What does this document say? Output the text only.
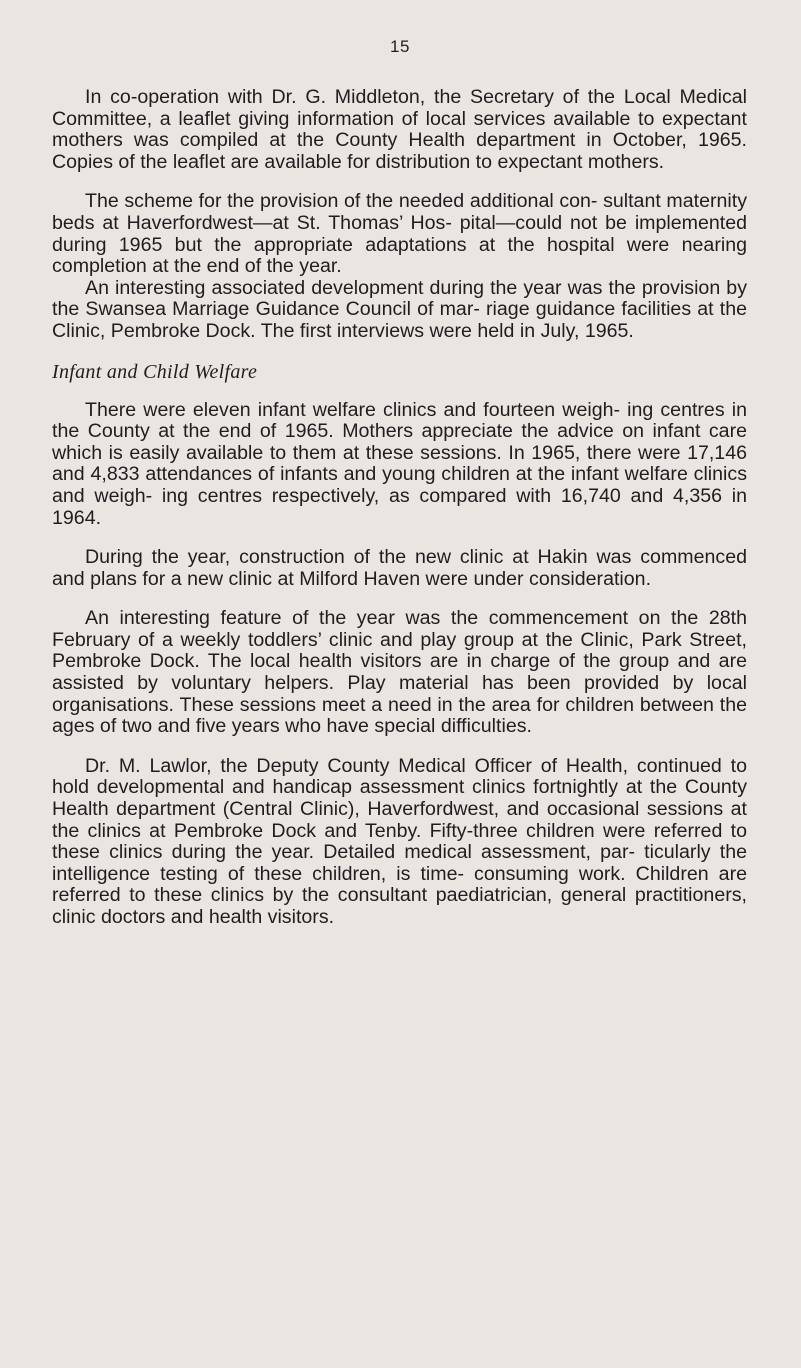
15

In co-operation with Dr. G. Middleton, the Secretary of the Local Medical Committee, a leaflet giving information of local services available to expectant mothers was compiled at the County Health department in October, 1965. Copies of the leaflet are available for distribution to expectant mothers.

The scheme for the provision of the needed additional con- sultant maternity beds at Haverfordwest—at St. Thomas’ Hos- pital—could not be implemented during 1965 but the appropriate adaptations at the hospital were nearing completion at the end of the year.

An interesting associated development during the year was the provision by the Swansea Marriage Guidance Council of mar- riage guidance facilities at the Clinic, Pembroke Dock. The first interviews were held in July, 1965.

Infant and Child Welfare

There were eleven infant welfare clinics and fourteen weigh- ing centres in the County at the end of 1965. Mothers appreciate the advice on infant care which is easily available to them at these sessions. In 1965, there were 17,146 and 4,833 attendances of infants and young children at the infant welfare clinics and weigh- ing centres respectively, as compared with 16,740 and 4,356 in 1964.

During the year, construction of the new clinic at Hakin was commenced and plans for a new clinic at Milford Haven were under consideration.

An interesting feature of the year was the commencement on the 28th February of a weekly toddlers’ clinic and play group at the Clinic, Park Street, Pembroke Dock. The local health visitors are in charge of the group and are assisted by voluntary helpers. Play material has been provided by local organisations. These sessions meet a need in the area for children between the ages of two and five years who have special difficulties.

Dr. M. Lawlor, the Deputy County Medical Officer of Health, continued to hold developmental and handicap assessment clinics fortnightly at the County Health department (Central Clinic), Haverfordwest, and occasional sessions at the clinics at Pembroke Dock and Tenby. Fifty-three children were referred to these clinics during the year. Detailed medical assessment, par- ticularly the intelligence testing of these children, is time- consuming work. Children are referred to these clinics by the consultant paediatrician, general practitioners, clinic doctors and health visitors.
